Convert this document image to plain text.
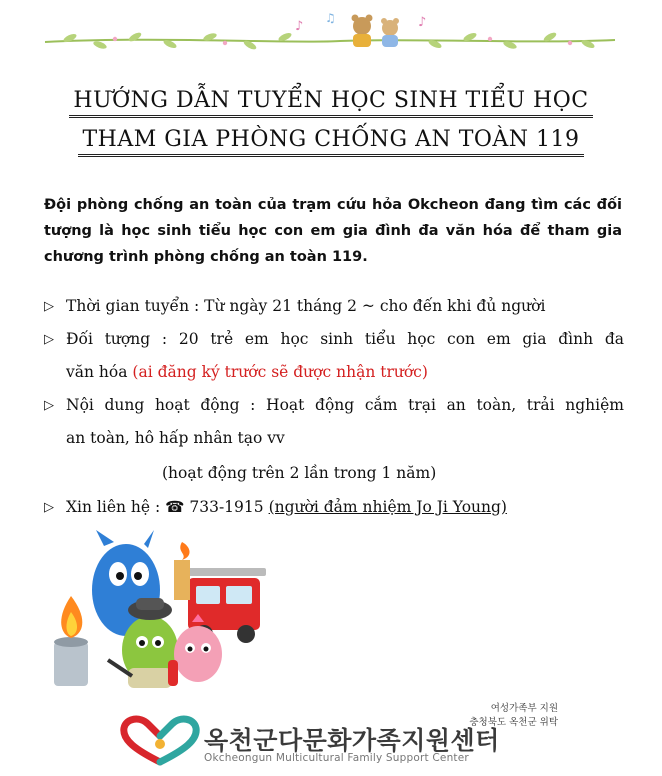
♪
♫	♪
HƯỚNG DẪN TUYỂN HỌC SINH TIỂU HỌC
THAM GIA PHÒNG CHỐNG AN TOÀN 119
Đội phòng chống an toàn của trạm cứu hỏa Okcheon đang tìm các đối tượng là học sinh tiểu học con em gia đình đa văn hóa để tham gia chương trình phòng chống an toàn 119.
▷ Thời gian tuyển : Từ ngày 21 tháng 2 ~ cho đến khi đủ người
▷ Đối tượng : 20 trẻ em học sinh tiểu học con em gia đình đa
văn hóa (ai đăng ký trước sẽ được nhận trước)
▷ Nội dung hoạt động : Hoạt động cắm trại an toàn, trải nghiệm
an toàn, hô hấp nhân tạo vv
(hoạt động trên 2 lần trong 1 năm)
▷ Xin liên hệ : ☎ 733-1915 (người đảm nhiệm Jo Ji Young)
여성가족부 지원
충청북도 옥천군 위탁
옥천군다문화가족지원센터
Okcheongun Multicultural Family Support Center
